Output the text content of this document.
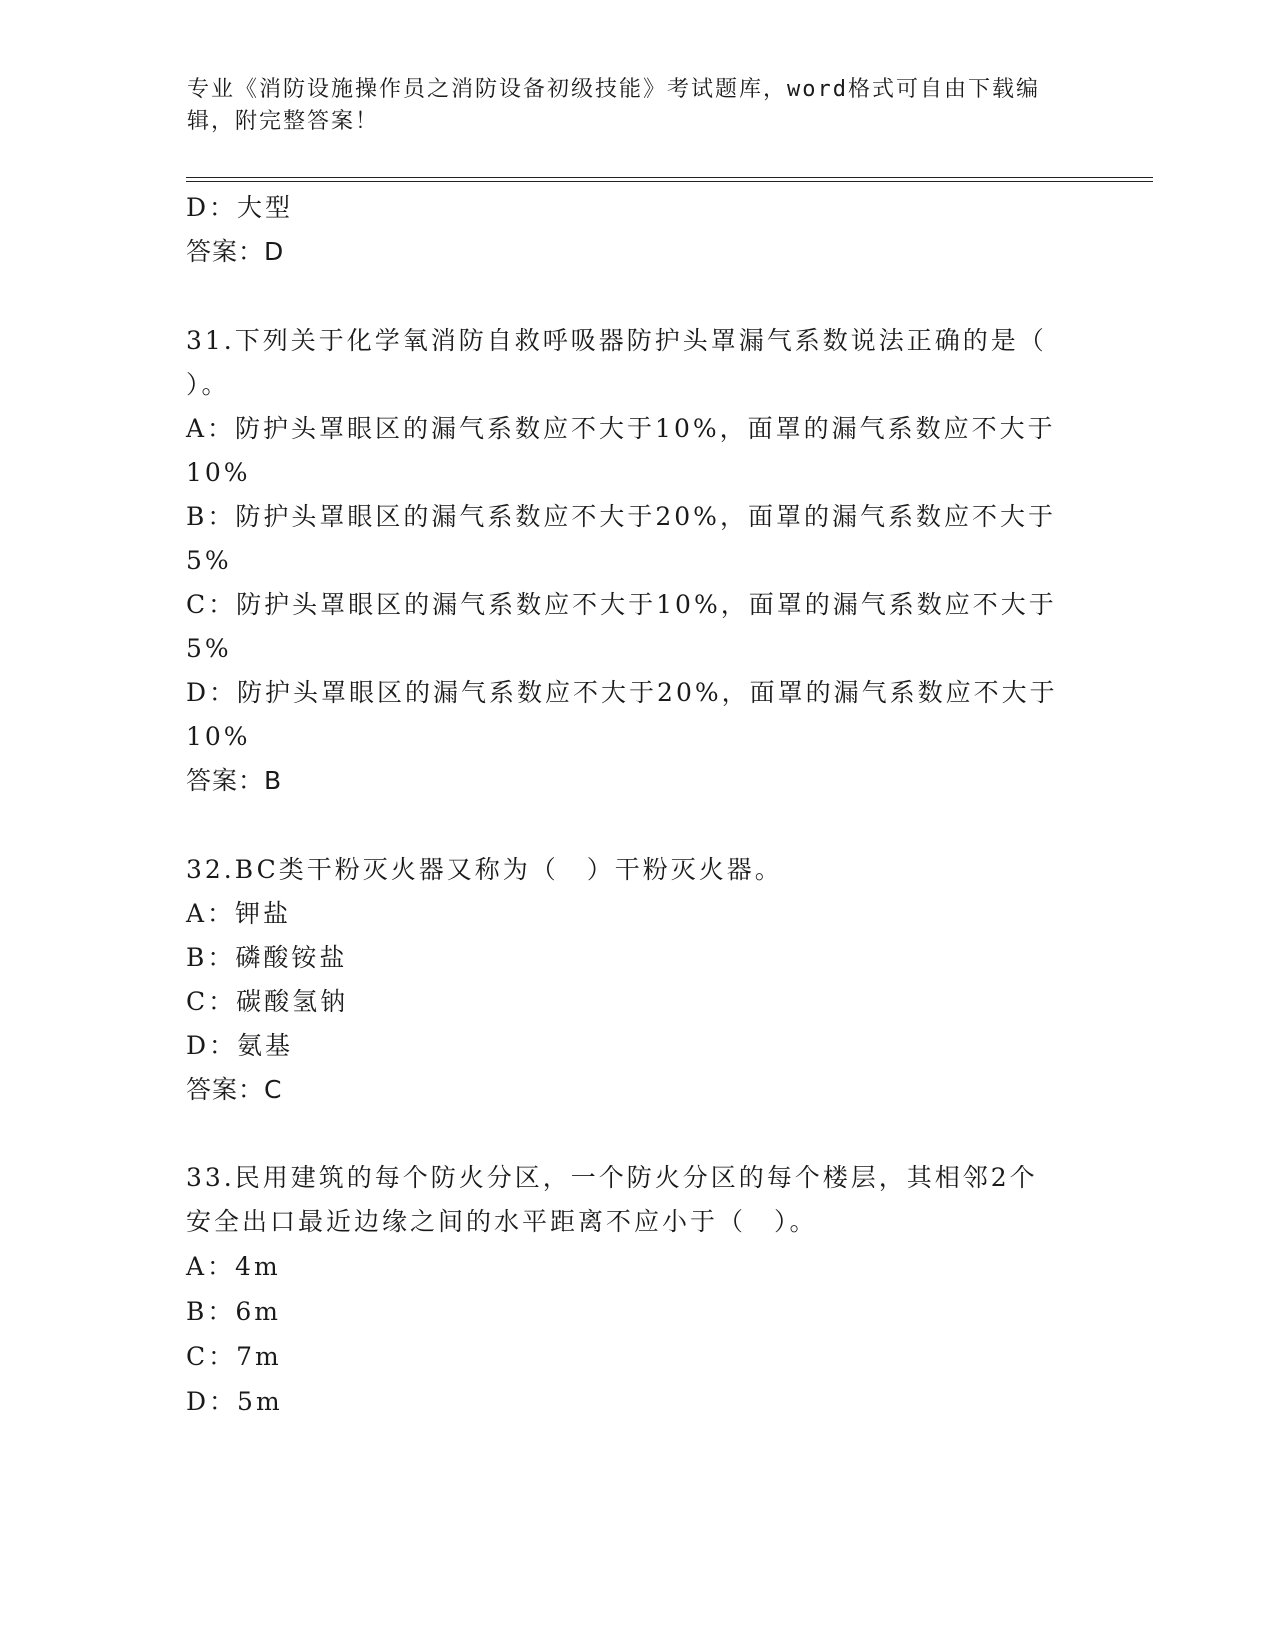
专业《消防设施操作员之消防设备初级技能》考试题库，word格式可自由下载编
辑，附完整答案！
D：大型
答案：D
31.下列关于化学氧消防自救呼吸器防护头罩漏气系数说法正确的是（
）。
A：防护头罩眼区的漏气系数应不大于10%，面罩的漏气系数应不大于
10%
B：防护头罩眼区的漏气系数应不大于20%，面罩的漏气系数应不大于
5%
C：防护头罩眼区的漏气系数应不大于10%，面罩的漏气系数应不大于
5%
D：防护头罩眼区的漏气系数应不大于20%，面罩的漏气系数应不大于
10%
答案：B
32.BC类干粉灭火器又称为（　）干粉灭火器。
A：钾盐
B：磷酸铵盐
C：碳酸氢钠
D：氨基
答案：C
33.民用建筑的每个防火分区，一个防火分区的每个楼层，其相邻2个
安全出口最近边缘之间的水平距离不应小于（　）。
A：4m
B：6m
C：7m
D：5m
